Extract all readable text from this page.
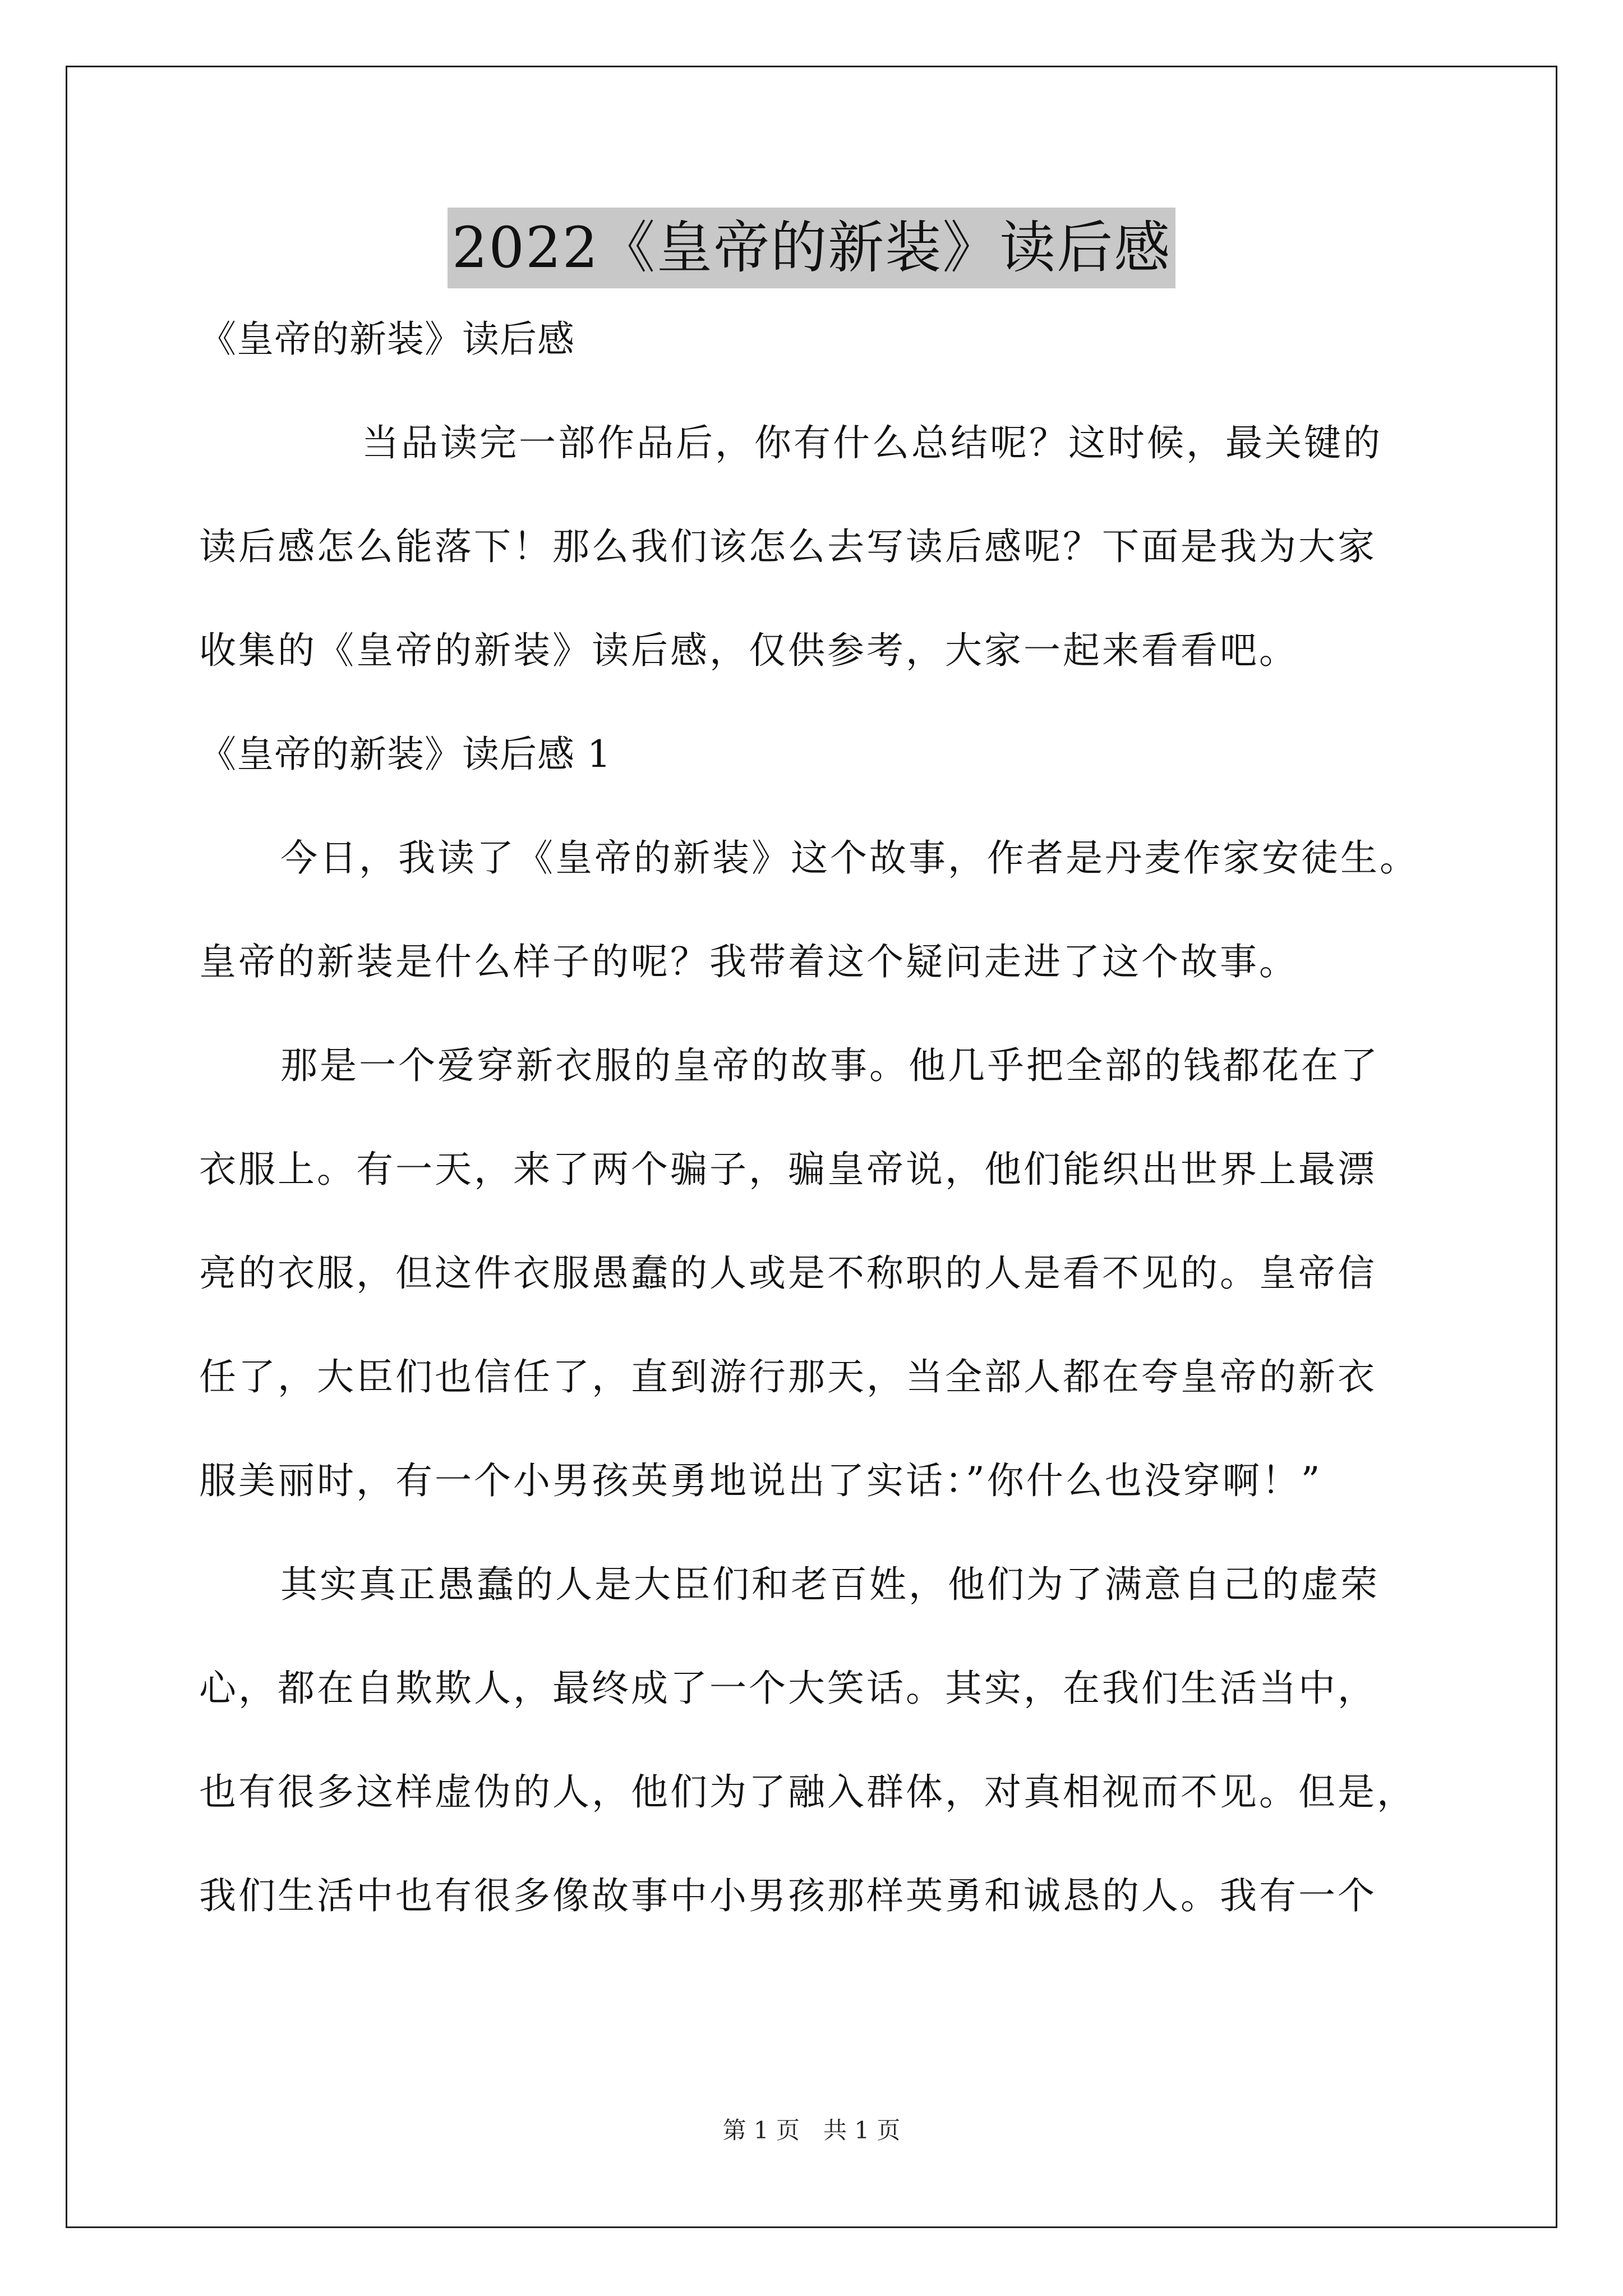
2022《皇帝的新装》读后感

《皇帝的新装》读后感

当品读完一部作品后，你有什么总结呢？这时候，最关键的

读后感怎么能落下！那么我们该怎么去写读后感呢？下面是我为大家

收集的《皇帝的新装》读后感，仅供参考，大家一起来看看吧。

《皇帝的新装》读后感 1

今日，我读了《皇帝的新装》这个故事，作者是丹麦作家安徒生。

皇帝的新装是什么样子的呢？我带着这个疑问走进了这个故事。

那是一个爱穿新衣服的皇帝的故事。他几乎把全部的钱都花在了

衣服上。有一天，来了两个骗子，骗皇帝说，他们能织出世界上最漂

亮的衣服，但这件衣服愚蠢的人或是不称职的人是看不见的。皇帝信

任了，大臣们也信任了，直到游行那天，当全部人都在夸皇帝的新衣

服美丽时，有一个小男孩英勇地说出了实话：”你什么也没穿啊！”

其实真正愚蠢的人是大臣们和老百姓，他们为了满意自己的虚荣

心，都在自欺欺人，最终成了一个大笑话。其实，在我们生活当中，

也有很多这样虚伪的人，他们为了融入群体，对真相视而不见。但是，

我们生活中也有很多像故事中小男孩那样英勇和诚恳的人。我有一个

第 1 页　共 1 页
